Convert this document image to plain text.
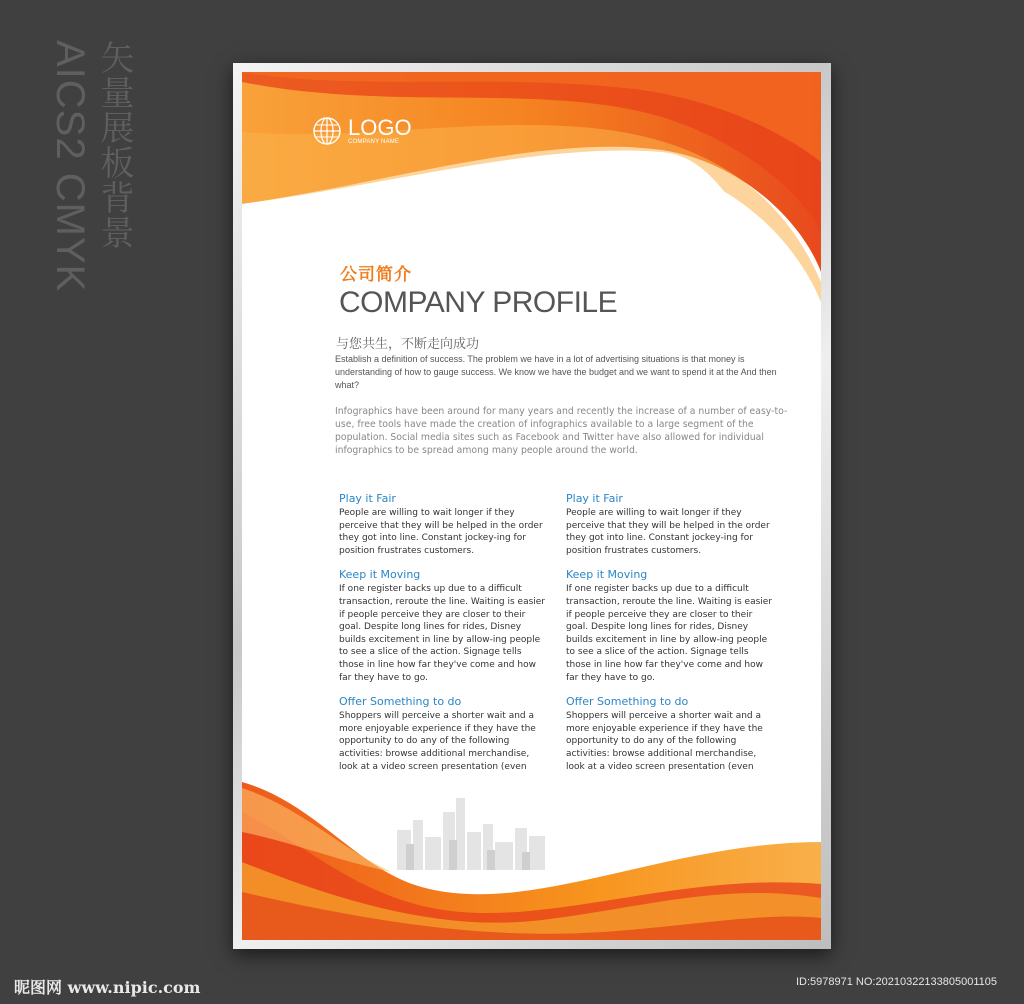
矢量展板背景
AICS2 CMYK	LOGO
COMPANY NAME
公司简介
COMPANY PROFILE
与您共生，不断走向成功
Establish a definition of success. The problem we have in a lot of advertising situations is that money is understanding of how to gauge success. We know we have the budget and we want to spend it at the And then what?
Infographics have been around for many years and recently the increase of a number of easy-to-use, free tools have made the creation of infographics available to a large segment of the population. Social media sites such as Facebook and Twitter have also allowed for individual infographics to be spread among many people around the world.
Play it Fair

People are willing to wait longer if they perceive that they will be helped in the order they got into line. Constant jockey-ing for position frustrates customers.

Keep it Moving

If one register backs up due to a difficult transaction, reroute the line. Waiting is easier if people perceive they are closer to their goal. Despite long lines for rides, Disney builds excitement in line by allow-ing people to see a slice of the action. Signage tells those in line how far they've come and how far they have to go.

Offer Something to do

Shoppers will perceive a shorter wait and a more enjoyable experience if they have the opportunity to do any of the following activities: browse additional merchandise, look at a video screen presentation (even

Play it Fair

People are willing to wait longer if they perceive that they will be helped in the order they got into line. Constant jockey-ing for position frustrates customers.

Keep it Moving

If one register backs up due to a difficult transaction, reroute the line. Waiting is easier if people perceive they are closer to their goal. Despite long lines for rides, Disney builds excitement in line by allow-ing people to see a slice of the action. Signage tells those in line how far they've come and how far they have to go.

Offer Something to do

Shoppers will perceive a shorter wait and a more enjoyable experience if they have the opportunity to do any of the following activities: browse additional merchandise, look at a video screen presentation (even

昵图网 www.nipic.com	ID:5978971 NO:20210322133805001105
